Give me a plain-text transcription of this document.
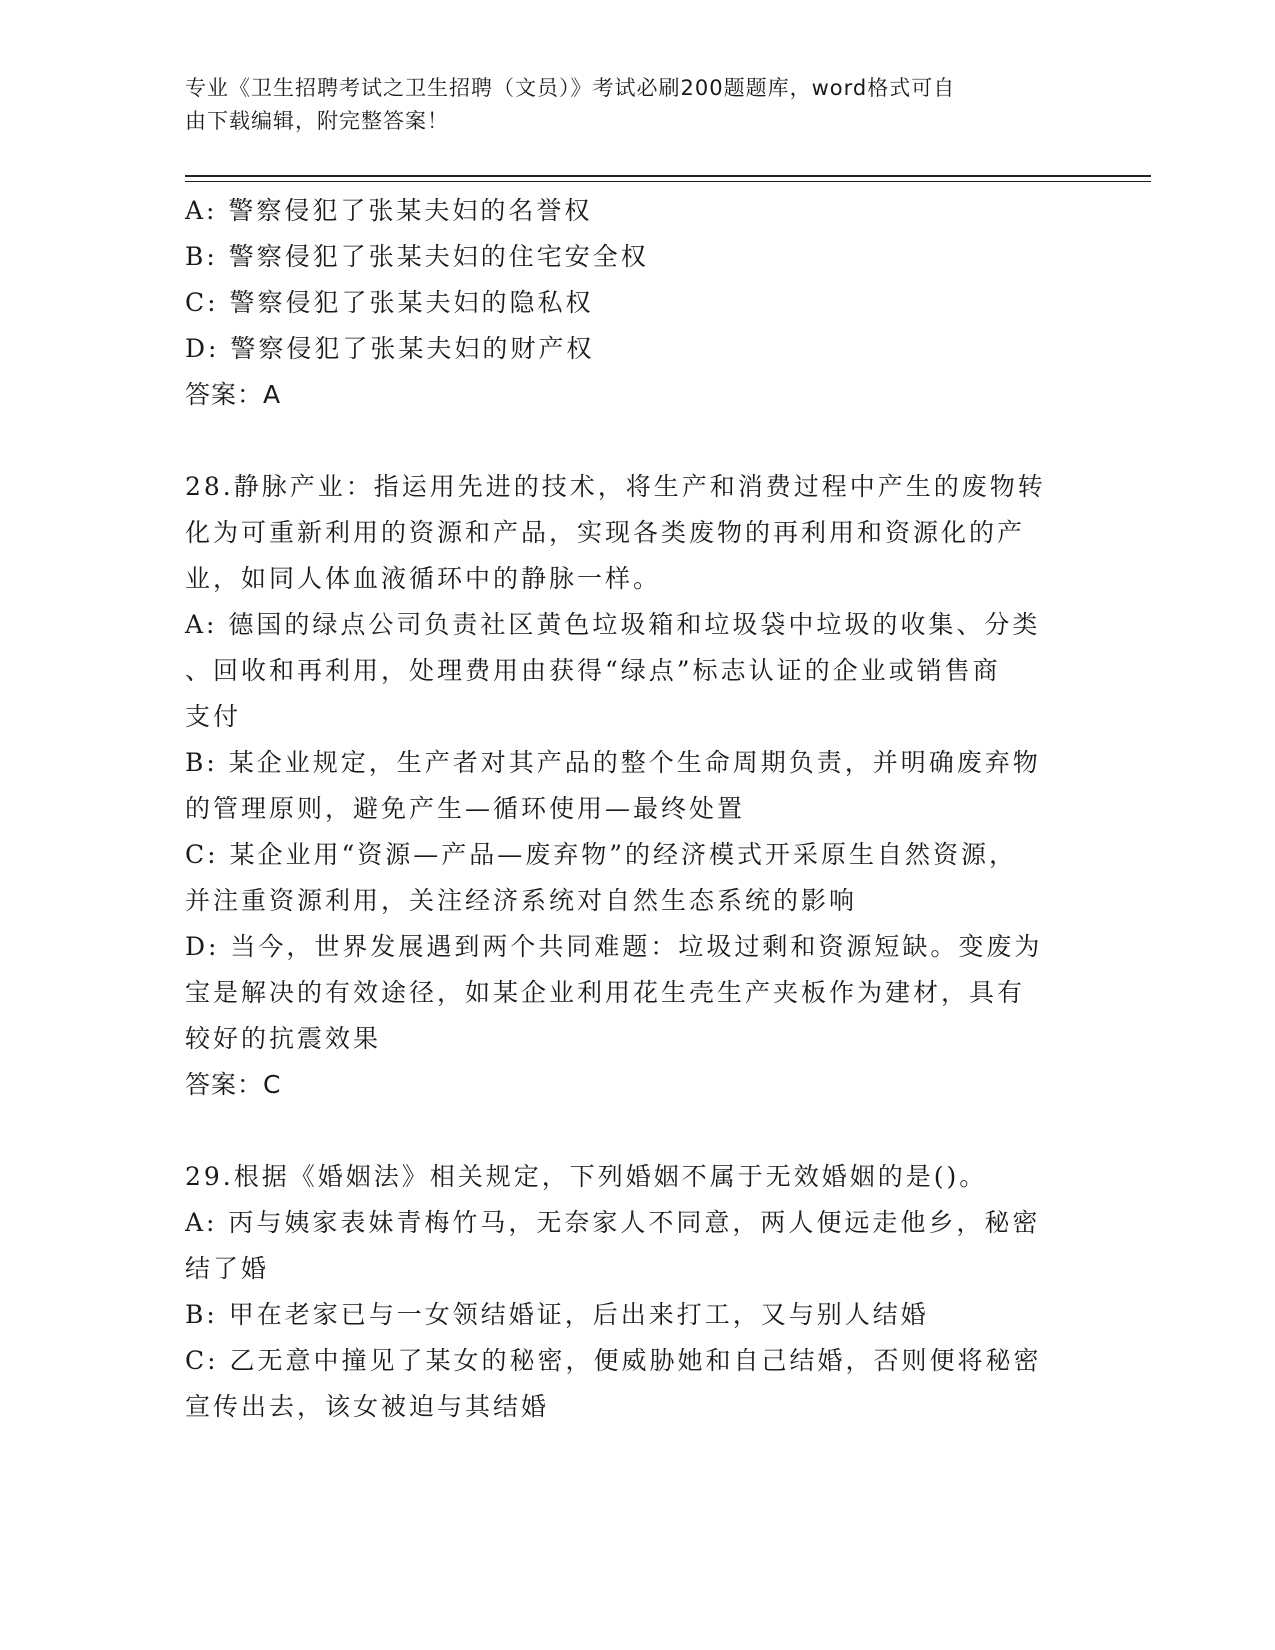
专业《卫生招聘考试之卫生招聘（文员）》考试必刷200题题库，word格式可自
由下载编辑，附完整答案！
A: 警察侵犯了张某夫妇的名誉权
B: 警察侵犯了张某夫妇的住宅安全权
C: 警察侵犯了张某夫妇的隐私权
D: 警察侵犯了张某夫妇的财产权
答案：A
28.静脉产业：指运用先进的技术，将生产和消费过程中产生的废物转
化为可重新利用的资源和产品，实现各类废物的再利用和资源化的产
业，如同人体血液循环中的静脉一样。
A: 德国的绿点公司负责社区黄色垃圾箱和垃圾袋中垃圾的收集、分类
、回收和再利用，处理费用由获得“绿点”标志认证的企业或销售商
支付
B: 某企业规定，生产者对其产品的整个生命周期负责，并明确废弃物
的管理原则，避免产生—循环使用—最终处置
C: 某企业用“资源—产品—废弃物”的经济模式开采原生自然资源，
并注重资源利用，关注经济系统对自然生态系统的影响
D: 当今，世界发展遇到两个共同难题：垃圾过剩和资源短缺。变废为
宝是解决的有效途径，如某企业利用花生壳生产夹板作为建材，具有
较好的抗震效果
答案：C
29.根据《婚姻法》相关规定，下列婚姻不属于无效婚姻的是()。
A: 丙与姨家表妹青梅竹马，无奈家人不同意，两人便远走他乡，秘密
结了婚
B: 甲在老家已与一女领结婚证，后出来打工，又与别人结婚
C: 乙无意中撞见了某女的秘密，便威胁她和自己结婚，否则便将秘密
宣传出去，该女被迫与其结婚
